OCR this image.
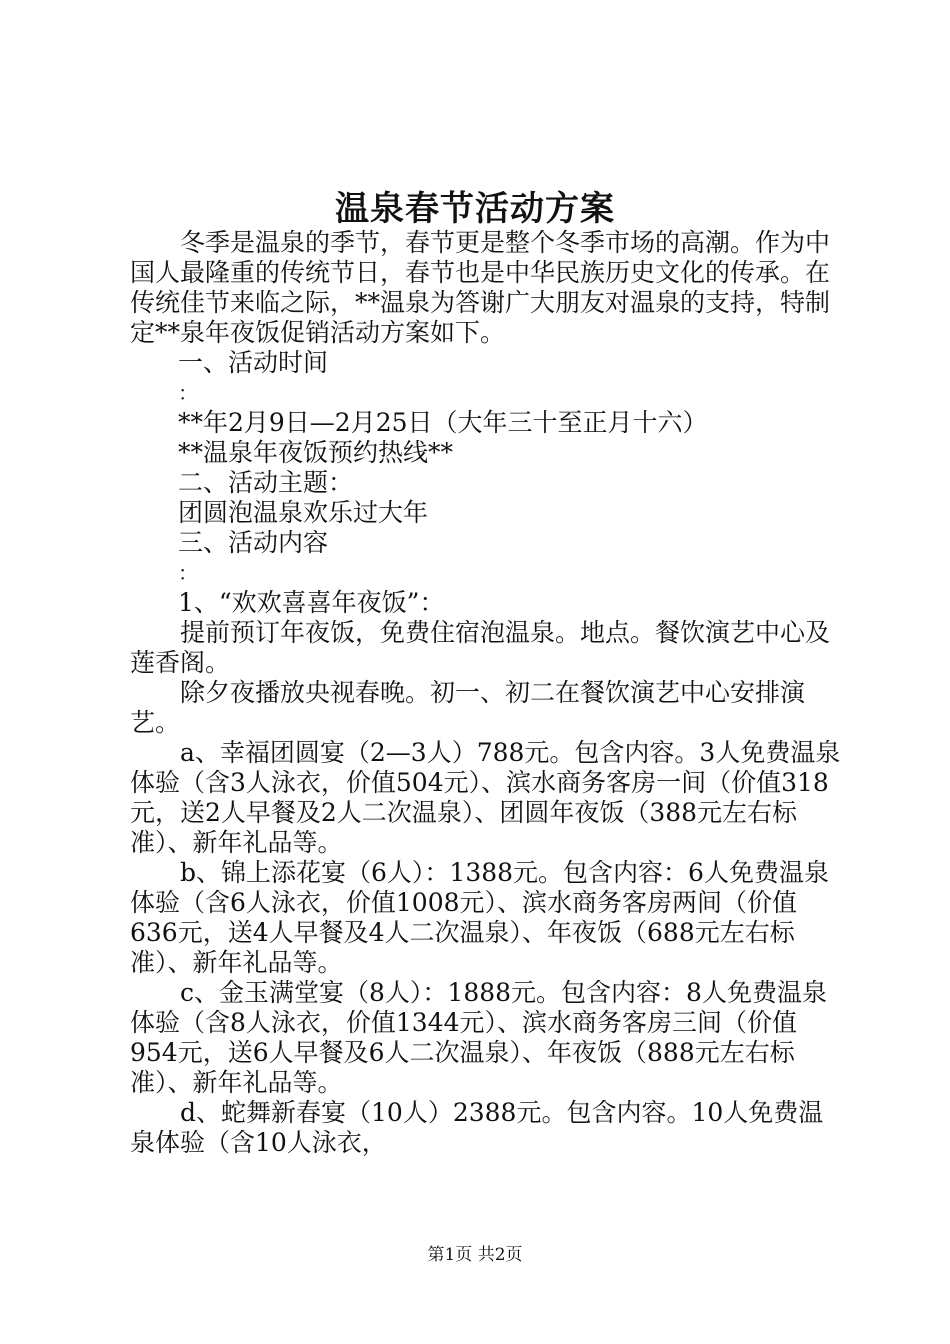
温泉春节活动方案

冬季是温泉的季节，春节更是整个冬季市场的高潮。作为中国人最隆重的传统节日，春节也是中华民族历史文化的传承。在传统佳节来临之际，**温泉为答谢广大朋友对温泉的支持，特制定**泉年夜饭促销活动方案如下。

一、活动时间

：

**年2月9日—2月25日（大年三十至正月十六）

**温泉年夜饭预约热线**

二、活动主题：

团圆泡温泉欢乐过大年

三、活动内容

：

1、“欢欢喜喜年夜饭”：

提前预订年夜饭，免费住宿泡温泉。地点。餐饮演艺中心及莲香阁。

除夕夜播放央视春晚。初一、初二在餐饮演艺中心安排演艺。

a、幸福团圆宴（2—3人）788元。包含内容。3人免费温泉体验（含3人泳衣，价值504元）、滨水商务客房一间（价值318元，送2人早餐及2人二次温泉）、团圆年夜饭（388元左右标准）、新年礼品等。

b、锦上添花宴（6人）：1388元。包含内容：6人免费温泉体验（含6人泳衣，价值1008元）、滨水商务客房两间（价值636元，送4人早餐及4人二次温泉）、年夜饭（688元左右标准）、新年礼品等。

c、金玉满堂宴（8人）：1888元。包含内容：8人免费温泉体验（含8人泳衣，价值1344元）、滨水商务客房三间（价值954元，送6人早餐及6人二次温泉）、年夜饭（888元左右标准）、新年礼品等。

d、蛇舞新春宴（10人）2388元。包含内容。10人免费温泉体验（含10人泳衣，

第1页 共2页
